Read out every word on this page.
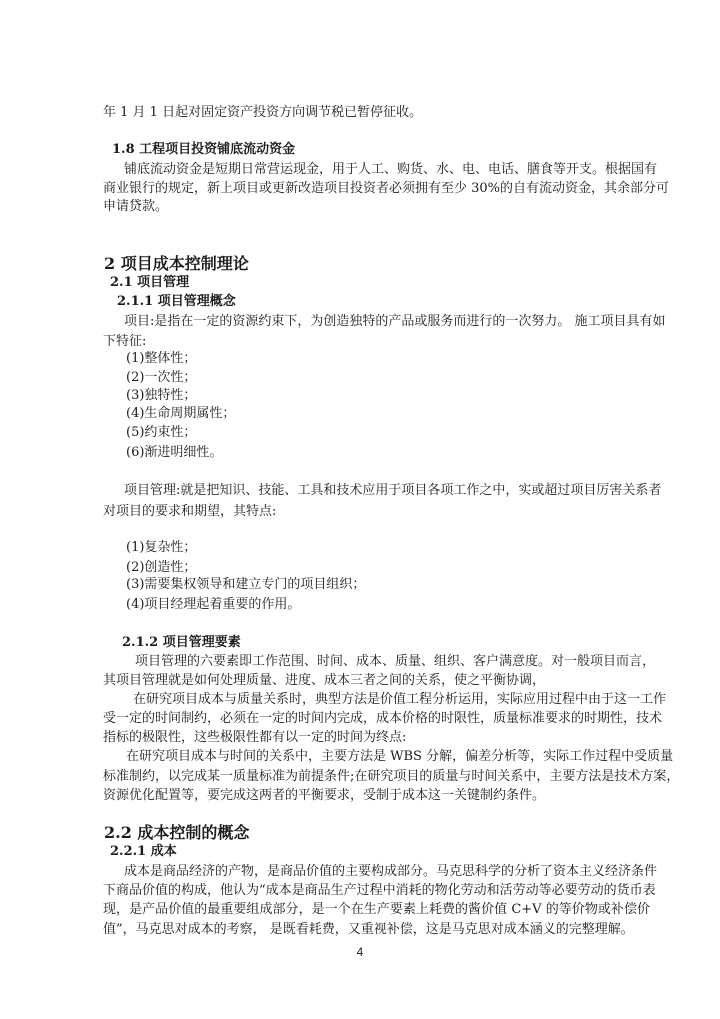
年 1 月 1 日起对固定资产投资方向调节税已暂停征收。
1.8 工程项目投资铺底流动资金
铺底流动资金是短期日常营运现金，用于人工、购货、水、电、电话、膳食等开支。根据国有
商业银行的规定，新上项目或更新改造项目投资者必须拥有至少 30%的自有流动资金，其余部分可
申请贷款。
2 项目成本控制理论
2.1 项目管理
2.1.1 项目管理概念
项目:是指在一定的资源约束下，为创造独特的产品或服务而进行的一次努力。 施工项目具有如
下特征:
(1)整体性；
(2)一次性；
(3)独特性；
(4)生命周期属性；
(5)约束性；
(6)渐进明细性。
项目管理:就是把知识、技能、工具和技术应用于项目各项工作之中，实或超过项目厉害关系者
对项目的要求和期望，其特点:
(1)复杂性；
(2)创造性；
(3)需要集权领导和建立专门的项目组织；
(4)项目经理起着重要的作用。
2.1.2 项目管理要素
项目管理的六要素即工作范围、时间、成本、质量、组织、客户满意度。对一般项目而言，
其项目管理就是如何处理质量、进度、成本三者之间的关系，使之平衡协调，
在研究项目成本与质量关系时，典型方法是价值工程分析运用，实际应用过程中由于这一工作
受一定的时间制约，必须在一定的时间内完成，成本价格的时限性，质量标准要求的时期性，技术
指标的极限性，这些极限性都有以一定的时间为终点:
在研究项目成本与时间的关系中，主要方法是 WBS 分解，偏差分析等，实际工作过程中受质量
标准制约，以完成某一质量标准为前提条件;在研究项目的质量与时间关系中，主要方法是技术方案，
资源优化配置等，要完成这两者的平衡要求，受制于成本这一关键制约条件。
2.2 成本控制的概念
2.2.1 成本
成本是商品经济的产物，是商品价值的主要构成部分。马克思科学的分析了资本主义经济条件
下商品价值的构成，他认为“成本是商品生产过程中消耗的物化劳动和活劳动等必要劳动的货币表
现，是产品价值的最重要组成部分，是一个在生产要素上耗费的酱价值 C+V 的等价物或补偿价
值”，马克思对成本的考察， 是既看耗费，又重视补偿，这是马克思对成本涵义的完整理解。
4
